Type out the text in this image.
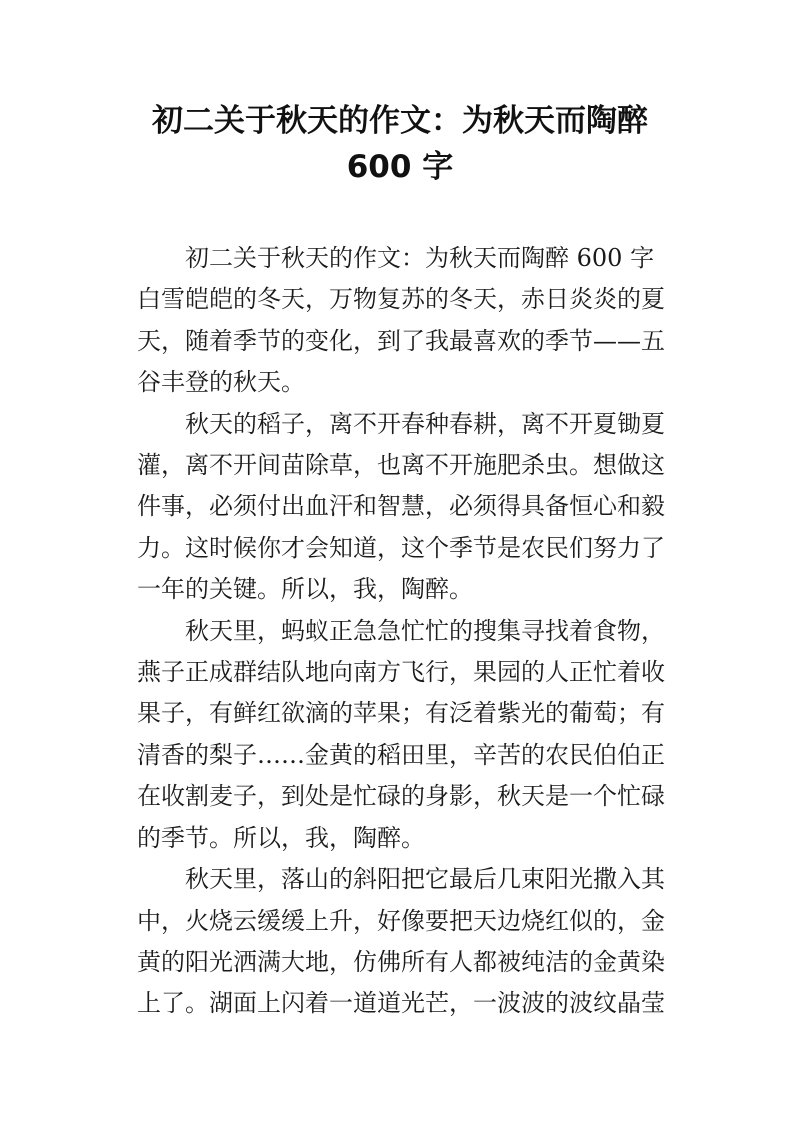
初二关于秋天的作文：为秋天而陶醉
600 字

初二关于秋天的作文：为秋天而陶醉 600 字

白雪皑皑的冬天，万物复苏的冬天，赤日炎炎的夏天，随着季节的变化，到了我最喜欢的季节——五谷丰登的秋天。

秋天的稻子，离不开春种春耕，离不开夏锄夏灌，离不开间苗除草，也离不开施肥杀虫。想做这件事，必须付出血汗和智慧，必须得具备恒心和毅力。这时候你才会知道，这个季节是农民们努力了一年的关键。所以，我，陶醉。

秋天里，蚂蚁正急急忙忙的搜集寻找着食物，燕子正成群结队地向南方飞行，果园的人正忙着收果子，有鲜红欲滴的苹果；有泛着紫光的葡萄；有清香的梨子……金黄的稻田里，辛苦的农民伯伯正在收割麦子，到处是忙碌的身影，秋天是一个忙碌的季节。所以，我，陶醉。

秋天里，落山的斜阳把它最后几束阳光撒入其中，火烧云缓缓上升，好像要把天边烧红似的，金黄的阳光洒满大地，仿佛所有人都被纯洁的金黄染上了。湖面上闪着一道道光芒，一波波的波纹晶莹
